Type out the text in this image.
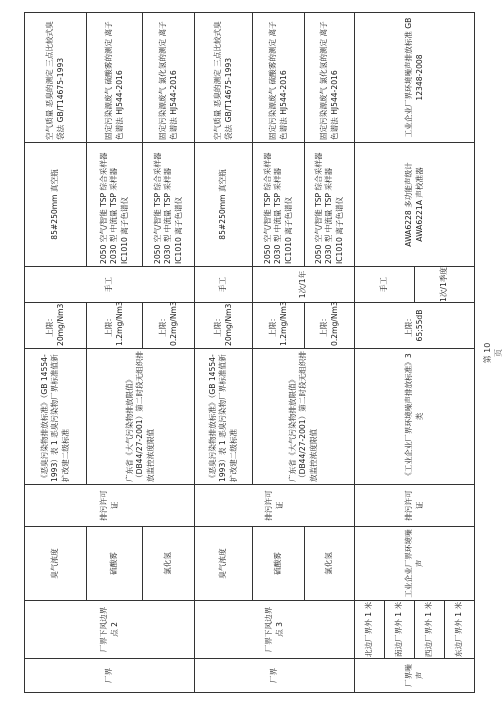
厂界	厂界下风边界点 2	臭气浓度	排污许可证	《恶臭污染物排放标准》（GB 14554-1993）表 1 恶臭污染物厂界标准值新扩改建二级标准	上限：20mg/Nm3	手工	85#250mm 真空瓶	空气质量 恶臭的测定 三点比较式臭袋法 GB/T14675-1993
		硫酸雾		广东省《大气污染物排放限值》（DB44/27-2001）第二时段无组织排放监控浓度限值	上限：1.2mg/Nm3		2050 空气/智能 TSP 综合采样器 2030 型 中流量 TSP 采样器 IC1010 离子色谱仪	固定污染源废气 硫酸雾的测定 离子色谱法 HJ544-2016
		氯化氢			上限：0.2mg/Nm3		2050 空气/智能 TSP 综合采样器 2030 型 中流量 TSP 采样器 IC1010 离子色谱仪	固定污染源废气 氯化氢的测定 离子色谱法 HJ544-2016
厂界	厂界下风边界点 3	臭气浓度	排污许可证	《恶臭污染物排放标准》（GB 14554-1993）表 1 恶臭污染物厂界标准值新扩改建二级标准	上限：20mg/Nm3	手工	85#250mm 真空瓶	空气质量 恶臭的测定 三点比较式臭袋法 GB/T14675-1993
		硫酸雾		广东省《大气污染物排放限值》（DB44/27-2001）第二时段无组织排放监控浓度限值	上限：1.2mg/Nm3	1次/1年	2050 空气/智能 TSP 综合采样器 2030 型 中流量 TSP 采样器 IC1010 离子色谱仪	固定污染源废气 硫酸雾的测定 离子色谱法 HJ544-2016
		氯化氢			上限：0.2mg/Nm3		2050 空气/智能 TSP 综合采样器 2030 型 中流量 TSP 采样器 IC1010 离子色谱仪	固定污染源废气 氯化氢的测定 离子色谱法 HJ544-2016
厂界噪声	北边厂界外 1 米 南边厂界外 1 米 西边厂界外 1 米 东边厂界外 1 米	工业企业厂界环境噪声	排污许可证	《工业企业厂界环境噪声排放标准》3 类	上限：65;55dB	手工 1次/1季度	AWA6228 多功能声级计 AWA6221A 声校准器	工业企业厂界环境噪声排放标准 GB 12348-2008
第 10 页
